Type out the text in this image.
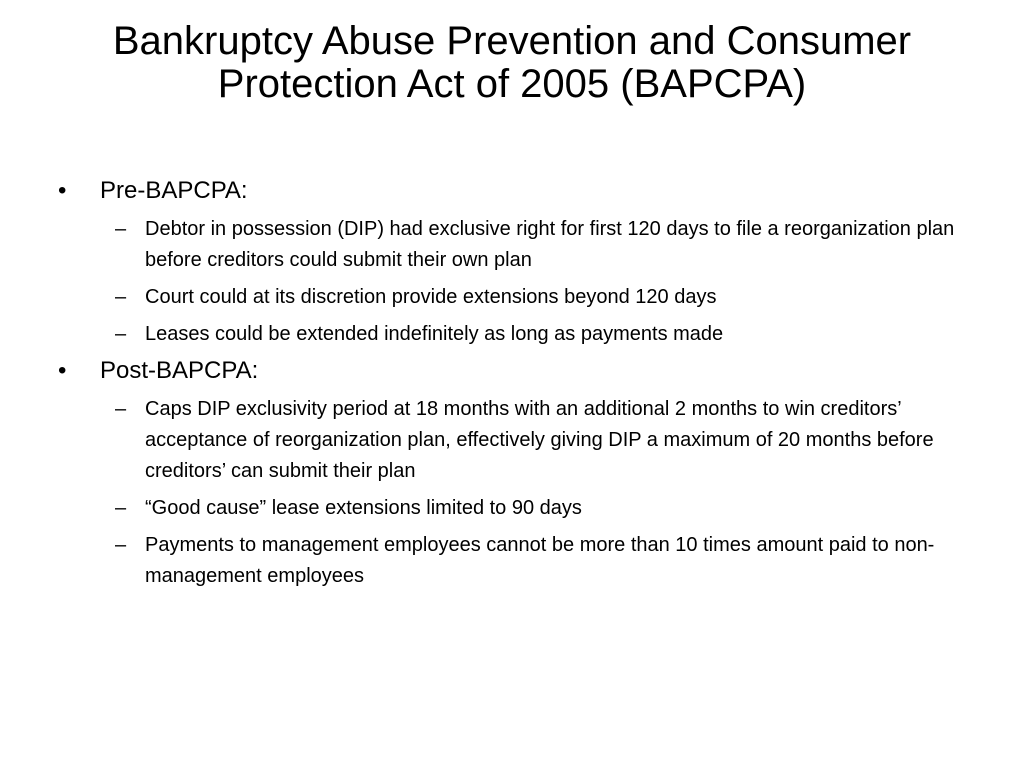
Bankruptcy Abuse Prevention and Consumer Protection Act of 2005 (BAPCPA)
•	Pre-BAPCPA:
– Debtor in possession (DIP) had exclusive right for first 120 days to file a reorganization plan before creditors could submit their own plan
– Court could at its discretion provide extensions beyond 120 days
– Leases could be extended indefinitely as long as payments made
•	Post-BAPCPA:
– Caps DIP exclusivity period at 18 months with an additional 2 months to win creditors’ acceptance of reorganization plan, effectively giving DIP a maximum of 20 months before creditors’ can submit their plan
– “Good cause” lease extensions limited to 90 days
– Payments to management employees cannot be more than 10 times amount paid to non-management employees
